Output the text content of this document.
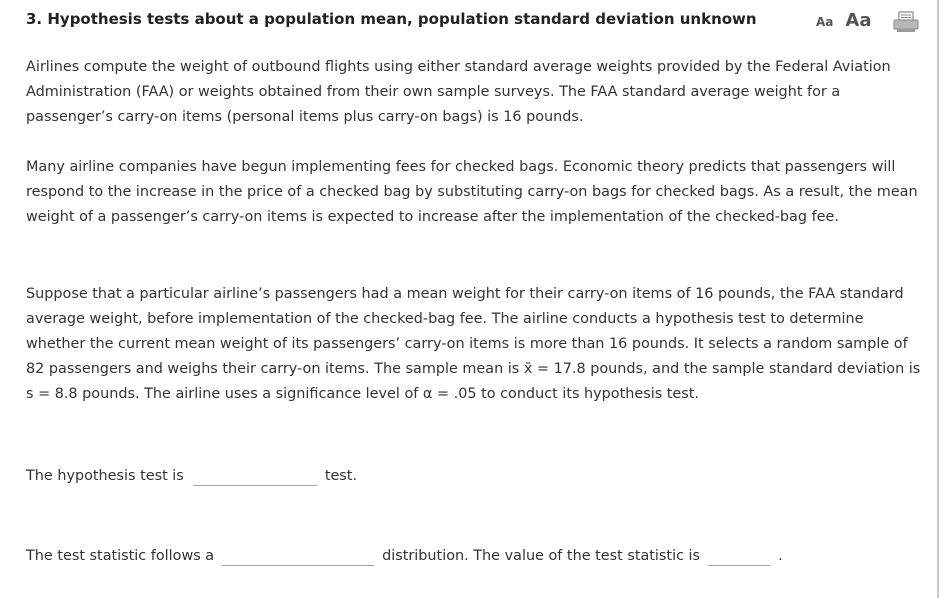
3. Hypothesis tests about a population mean, population standard deviation unknown	Aa Aa

Airlines compute the weight of outbound flights using either standard average weights provided by the Federal Aviation Administration (FAA) or weights obtained from their own sample surveys. The FAA standard average weight for a passenger’s carry-on items (personal items plus carry-on bags) is 16 pounds.

Many airline companies have begun implementing fees for checked bags. Economic theory predicts that passengers will respond to the increase in the price of a checked bag by substituting carry-on bags for checked bags. As a result, the mean weight of a passenger’s carry-on items is expected to increase after the implementation of the checked-bag fee.

Suppose that a particular airline’s passengers had a mean weight for their carry-on items of 16 pounds, the FAA standard average weight, before implementation of the checked-bag fee. The airline conducts a hypothesis test to determine whether the current mean weight of its passengers’ carry-on items is more than 16 pounds. It selects a random sample of 82 passengers and weighs their carry-on items. The sample mean is x̄ = 17.8 pounds, and the sample standard deviation is s = 8.8 pounds. The airline uses a significance level of α = .05 to conduct its hypothesis test.

The hypothesis test is	test.
The test statistic follows a	distribution. The value of the test statistic is	.
